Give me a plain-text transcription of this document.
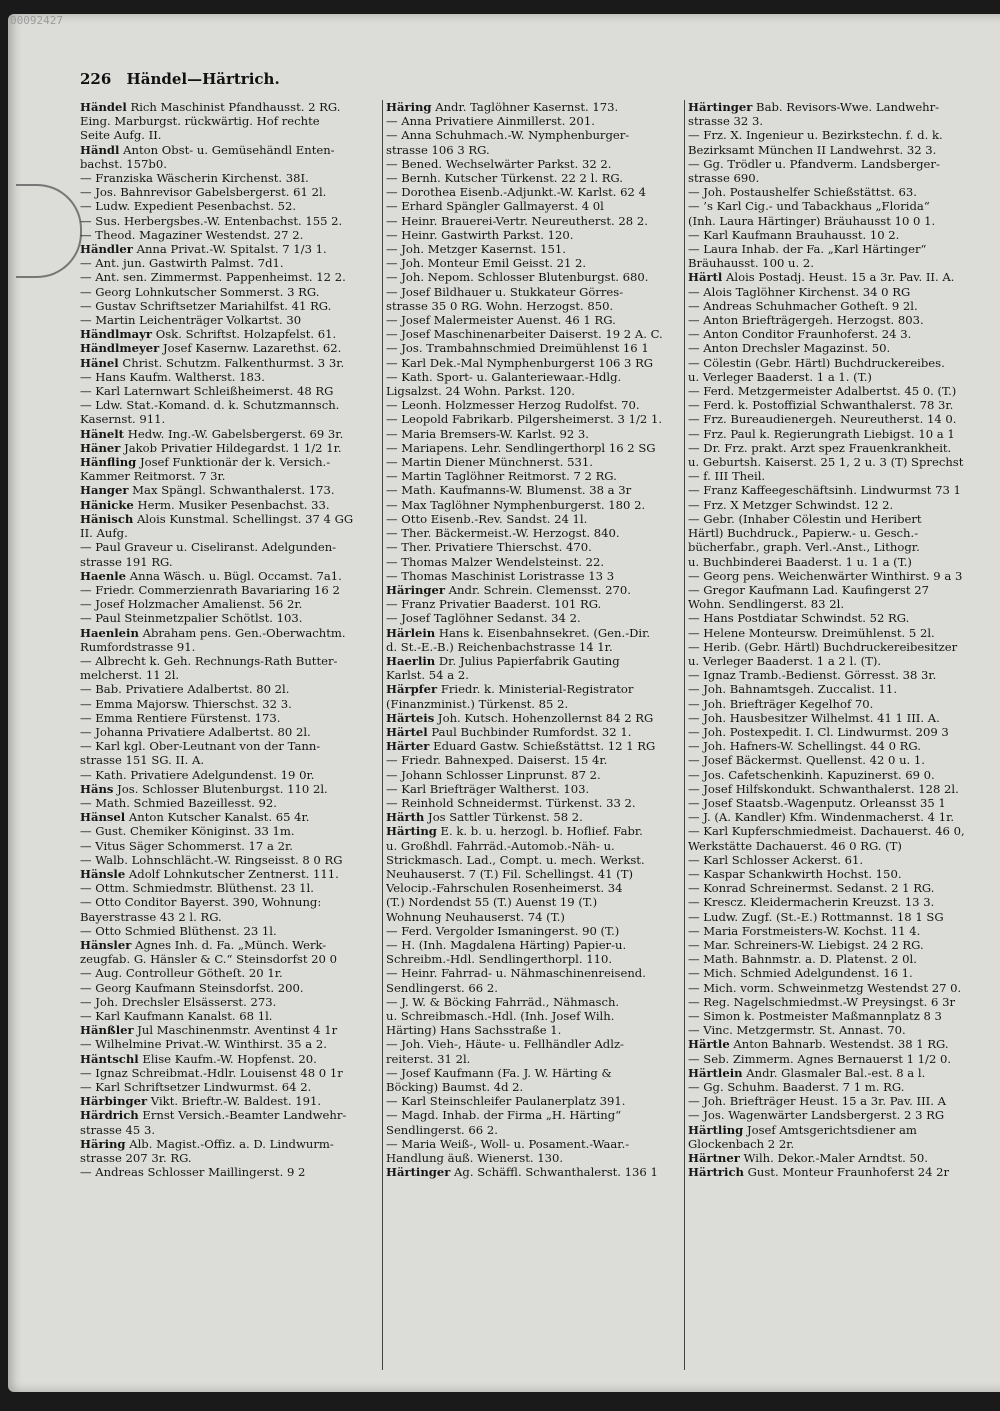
00092427
226 Händel—Härtrich.
Händel Rich Maschinist Pfandhausst. 2 RG.
Eing. Marburgst. rückwärtig. Hof rechte
Seite Aufg. II.
Händl Anton Obst- u. Gemüsehändl Enten-
bachst. 157b0.
— Franziska Wäscherin Kirchenst. 38I.
— Jos. Bahnrevisor Gabelsbergerst. 61 2l.
— Ludw. Expedient Pesenbachst. 52.
— Sus. Herbergsbes.-W. Entenbachst. 155 2.
— Theod. Magaziner Westendst. 27 2.
Händler Anna Privat.-W. Spitalst. 7 1/3 1.
— Ant. jun. Gastwirth Palmst. 7d1.
— Ant. sen. Zimmermst. Pappenheimst. 12 2.
— Georg Lohnkutscher Sommerst. 3 RG.
— Gustav Schriftsetzer Mariahilfst. 41 RG.
— Martin Leichenträger Volkartst. 30
Händlmayr Osk. Schriftst. Holzapfelst. 61.
Händlmeyer Josef Kasernw. Lazarethst. 62.
Hänel Christ. Schutzm. Falkenthurmst. 3 3r.
— Hans Kaufm. Waltherst. 183.
— Karl Laternwart Schleißheimerst. 48 RG
— Ldw. Stat.-Komand. d. k. Schutzmannsch.
Kasernst. 911.
Hänelt Hedw. Ing.-W. Gabelsbergerst. 69 3r.
Häner Jakob Privatier Hildegardst. 1 1/2 1r.
Hänfling Josef Funktionär der k. Versich.-
Kammer Reitmorst. 7 3r.
Hanger Max Spängl. Schwanthalerst. 173.
Hänicke Herm. Musiker Pesenbachst. 33.
Hänisch Alois Kunstmal. Schellingst. 37 4 GG
II. Aufg.
— Paul Graveur u. Ciseliranst. Adelgunden-
strasse 191 RG.
Haenle Anna Wäsch. u. Bügl. Occamst. 7a1.
— Friedr. Commerzienrath Bavariaring 16 2
— Josef Holzmacher Amalienst. 56 2r.
— Paul Steinmetzpalier Schötlst. 103.
Haenlein Abraham pens. Gen.-Oberwachtm.
Rumfordstrasse 91.
— Albrecht k. Geh. Rechnungs-Rath Butter-
melcherst. 11 2l.
— Bab. Privatiere Adalbertst. 80 2l.
— Emma Majorsw. Thierschst. 32 3.
— Emma Rentiere Fürstenst. 173.
— Johanna Privatiere Adalbertst. 80 2l.
— Karl kgl. Ober-Leutnant von der Tann-
strasse 151 SG. II. A.
— Kath. Privatiere Adelgundenst. 19 0r.
Häns Jos. Schlosser Blutenburgst. 110 2l.
— Math. Schmied Bazeillesst. 92.
Hänsel Anton Kutscher Kanalst. 65 4r.
— Gust. Chemiker Königinst. 33 1m.
— Vitus Säger Schommerst. 17 a 2r.
— Walb. Lohnschlächt.-W. Ringseisst. 8 0 RG
Hänsle Adolf Lohnkutscher Zentnerst. 111.
— Ottm. Schmiedmstr. Blüthenst. 23 1l.
— Otto Conditor Bayerst. 390, Wohnung:
Bayerstrasse 43 2 l. RG.
— Otto Schmied Blüthenst. 23 1l.
Hänsler Agnes Inh. d. Fa. „Münch. Werk-
zeugfab. G. Hänsler & C.“ Steinsdorfst 20 0
— Aug. Controlleur Götheſt. 20 1r.
— Georg Kaufmann Steinsdorfst. 200.
— Joh. Drechsler Elsässerst. 273.
— Karl Kaufmann Kanalst. 68 1l.
Hänßler Jul Maschinenmstr. Aventinst 4 1r
— Wilhelmine Privat.-W. Winthirst. 35 a 2.
Häntschl Elise Kaufm.-W. Hopfenst. 20.
— Ignaz Schreibmat.-Hdlr. Louisenst 48 0 1r
— Karl Schriftsetzer Lindwurmst. 64 2.
Härbinger Vikt. Brieftr.-W. Baldest. 191.
Härdrich Ernst Versich.-Beamter Landwehr-
strasse 45 3.
Häring Alb. Magist.-Offiz. a. D. Lindwurm-
strasse 207 3r. RG.
— Andreas Schlosser Maillingerst. 9 2
Häring Andr. Taglöhner Kasernst. 173.
— Anna Privatiere Ainmillerst. 201.
— Anna Schuhmach.-W. Nymphenburger-
strasse 106 3 RG.
— Bened. Wechselwärter Parkst. 32 2.
— Bernh. Kutscher Türkenst. 22 2 l. RG.
— Dorothea Eisenb.-Adjunkt.-W. Karlst. 62 4
— Erhard Spängler Gallmayerst. 4 0l
— Heinr. Brauerei-Vertr. Neureutherst. 28 2.
— Heinr. Gastwirth Parkst. 120.
— Joh. Metzger Kasernst. 151.
— Joh. Monteur Emil Geisst. 21 2.
— Joh. Nepom. Schlosser Blutenburgst. 680.
— Josef Bildhauer u. Stukkateur Görres-
strasse 35 0 RG. Wohn. Herzogst. 850.
— Josef Malermeister Auenst. 46 1 RG.
— Josef Maschinenarbeiter Daiserst. 19 2 A. C.
— Jos. Trambahnschmied Dreimühlenst 16 1
— Karl Dek.-Mal Nymphenburgerst 106 3 RG
— Kath. Sport- u. Galanteriewaar.-Hdlg.
Ligsalzst. 24 Wohn. Parkst. 120.
— Leonh. Holzmesser Herzog Rudolfst. 70.
— Leopold Fabrikarb. Pilgersheimerst. 3 1/2 1.
— Maria Bremsers-W. Karlst. 92 3.
— Mariapens. Lehr. Sendlingerthorpl 16 2 SG
— Martin Diener Münchnerst. 531.
— Martin Taglöhner Reitmorst. 7 2 RG.
— Math. Kaufmanns-W. Blumenst. 38 a 3r
— Max Taglöhner Nymphenburgerst. 180 2.
— Otto Eisenb.-Rev. Sandst. 24 1l.
— Ther. Bäckermeist.-W. Herzogst. 840.
— Ther. Privatiere Thierschst. 470.
— Thomas Malzer Wendelsteinst. 22.
— Thomas Maschinist Loristrasse 13 3
Häringer Andr. Schrein. Clemensst. 270.
— Franz Privatier Baaderst. 101 RG.
— Josef Taglöhner Sedanst. 34 2.
Härlein Hans k. Eisenbahnsekret. (Gen.-Dir.
d. St.-E.-B.) Reichenbachstrasse 14 1r.
Haerlin Dr. Julius Papierfabrik Gauting
Karlst. 54 a 2.
Härpfer Friedr. k. Ministerial-Registrator
(Finanzminist.) Türkenst. 85 2.
Härteis Joh. Kutsch. Hohenzollernst 84 2 RG
Härtel Paul Buchbinder Rumfordst. 32 1.
Härter Eduard Gastw. Schießstättst. 12 1 RG
— Friedr. Bahnexped. Daiserst. 15 4r.
— Johann Schlosser Linprunst. 87 2.
— Karl Briefträger Waltherst. 103.
— Reinhold Schneidermst. Türkenst. 33 2.
Härth Jos Sattler Türkenst. 58 2.
Härting E. k. b. u. herzogl. b. Hoflief. Fabr.
u. Großhdl. Fahrräd.-Automob.-Näh- u.
Strickmasch. Lad., Compt. u. mech. Werkst.
Neuhauserst. 7 (T.) Fil. Schellingst. 41 (T)
Velocip.-Fahrschulen Rosenheimerst. 34
(T.) Nordendst 55 (T.) Auenst 19 (T.)
Wohnung Neuhauserst. 74 (T.)
— Ferd. Vergolder Ismaningerst. 90 (T.)
— H. (Inh. Magdalena Härting) Papier-u.
Schreibm.-Hdl. Sendlingerthorpl. 110.
— Heinr. Fahrrad- u. Nähmaschinenreisend.
Sendlingerst. 66 2.
— J. W. & Böcking Fahrräd., Nähmasch.
u. Schreibmasch.-Hdl. (Inh. Josef Wilh.
Härting) Hans Sachsstraße 1.
— Joh. Vieh-, Häute- u. Fellhändler Adlz-
reiterst. 31 2l.
— Josef Kaufmann (Fa. J. W. Härting &
Böcking) Baumst. 4d 2.
— Karl Steinschleifer Paulanerplatz 391.
— Magd. Inhab. der Firma „H. Härting“
Sendlingerst. 66 2.
— Maria Weiß-, Woll- u. Posament.-Waar.-
Handlung äuß. Wienerst. 130.
Härtinger Ag. Schäffl. Schwanthalerst. 136 1
Härtinger Bab. Revisors-Wwe. Landwehr-
strasse 32 3.
— Frz. X. Ingenieur u. Bezirkstechn. f. d. k.
Bezirksamt München II Landwehrst. 32 3.
— Gg. Trödler u. Pfandverm. Landsberger-
strasse 690.
— Joh. Postaushelfer Schießstättst. 63.
— ’s Karl Cig.- und Tabackhaus „Florida“
(Inh. Laura Härtinger) Bräuhausst 10 0 1.
— Karl Kaufmann Brauhausst. 10 2.
— Laura Inhab. der Fa. „Karl Härtinger“
Bräuhausst. 100 u. 2.
Härtl Alois Postadj. Heust. 15 a 3r. Pav. II. A.
— Alois Taglöhner Kirchenst. 34 0 RG
— Andreas Schuhmacher Gotheſt. 9 2l.
— Anton Briefträgergeh. Herzogst. 803.
— Anton Conditor Fraunhoferst. 24 3.
— Anton Drechsler Magazinst. 50.
— Cölestin (Gebr. Härtl) Buchdruckereibes.
u. Verleger Baaderst. 1 a 1. (T.)
— Ferd. Metzgermeister Adalbertst. 45 0. (T.)
— Ferd. k. Postoffizial Schwanthalerst. 78 3r.
— Frz. Bureaudienergeh. Neureutherst. 14 0.
— Frz. Paul k. Regierungrath Liebigst. 10 a 1
— Dr. Frz. prakt. Arzt spez Frauenkrankheit.
u. Geburtsh. Kaiserst. 25 1, 2 u. 3 (T) Sprechst
— f. III Theil.
— Franz Kaffeegeschäftsinh. Lindwurmst 73 1
— Frz. X Metzger Schwindst. 12 2.
— Gebr. (Inhaber Cölestin und Heribert
Härtl) Buchdruck., Papierw.- u. Gesch.-
bücherfabr., graph. Verl.-Anst., Lithogr.
u. Buchbinderei Baaderst. 1 u. 1 a (T.)
— Georg pens. Weichenwärter Winthirst. 9 a 3
— Gregor Kaufmann Lad. Kaufingerst 27
Wohn. Sendlingerst. 83 2l.
— Hans Postdiatar Schwindst. 52 RG.
— Helene Monteursw. Dreimühlenst. 5 2l.
— Herib. (Gebr. Härtl) Buchdruckereibesitzer
u. Verleger Baaderst. 1 a 2 l. (T).
— Ignaz Tramb.-Bedienst. Görresst. 38 3r.
— Joh. Bahnamtsgeh. Zuccalist. 11.
— Joh. Briefträger Kegelhof 70.
— Joh. Hausbesitzer Wilhelmst. 41 1 III. A.
— Joh. Postexpedit. I. Cl. Lindwurmst. 209 3
— Joh. Hafners-W. Schellingst. 44 0 RG.
— Josef Bäckermst. Quellenst. 42 0 u. 1.
— Jos. Cafetschenkinh. Kapuzinerst. 69 0.
— Josef Hilfskondukt. Schwanthalerst. 128 2l.
— Josef Staatsb.-Wagenputz. Orleansst 35 1
— J. (A. Kandler) Kfm. Windenmacherst. 4 1r.
— Karl Kupferschmiedmeist. Dachauerst. 46 0,
Werkstätte Dachauerst. 46 0 RG. (T)
— Karl Schlosser Ackerst. 61.
— Kaspar Schankwirth Hochst. 150.
— Konrad Schreinermst. Sedanst. 2 1 RG.
— Krescz. Kleidermacherin Kreuzst. 13 3.
— Ludw. Zugf. (St.-E.) Rottmannst. 18 1 SG
— Maria Forstmeisters-W. Kochst. 11 4.
— Mar. Schreiners-W. Liebigst. 24 2 RG.
— Math. Bahnmstr. a. D. Platenst. 2 0l.
— Mich. Schmied Adelgundenst. 16 1.
— Mich. vorm. Schweinmetzg Westendst 27 0.
— Reg. Nagelschmiedmst.-W Preysingst. 6 3r
— Simon k. Postmeister Maßmannplatz 8 3
— Vinc. Metzgermstr. St. Annast. 70.
Härtle Anton Bahnarb. Westendst. 38 1 RG.
— Seb. Zimmerm. Agnes Bernauerst 1 1/2 0.
Härtlein Andr. Glasmaler Bal.-est. 8 a l.
— Gg. Schuhm. Baaderst. 7 1 m. RG.
— Joh. Briefträger Heust. 15 a 3r. Pav. III. A
— Jos. Wagenwärter Landsbergerst. 2 3 RG
Härtling Josef Amtsgerichtsdiener am
Glockenbach 2 2r.
Härtner Wilh. Dekor.-Maler Arndtst. 50.
Härtrich Gust. Monteur Fraunhoferst 24 2r
